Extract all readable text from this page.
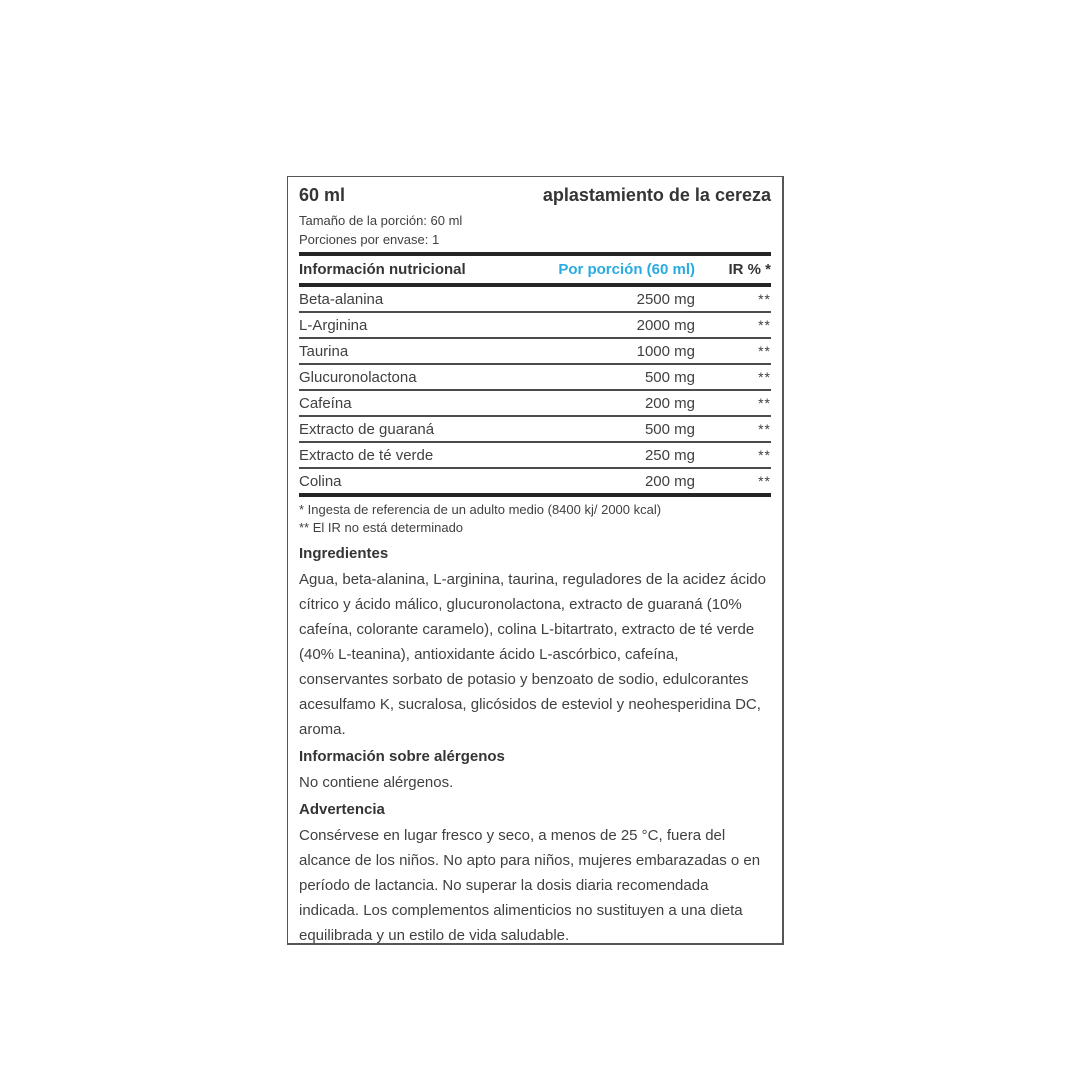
60 ml	aplastamiento de la cereza
Tamaño de la porción: 60 ml
Porciones por envase: 1
Información nutricional	Por porción (60 ml)	IR % *
Beta-alanina	2500 mg	**
L-Arginina	2000 mg	**
Taurina	1000 mg	**
Glucuronolactona	500 mg	**
Cafeína	200 mg	**
Extracto de guaraná	500 mg	**
Extracto de té verde	250 mg	**
Colina	200 mg	**
* Ingesta de referencia de un adulto medio (8400 kj/ 2000 kcal)
** El IR no está determinado
Ingredientes
Agua, beta-alanina, L-arginina, taurina, reguladores de la acidez ácido cítrico y ácido málico, glucuronolactona, extracto de guaraná (10% cafeína, colorante caramelo), colina L-bitartrato, extracto de té verde (40% L-teanina), antioxidante ácido L-ascórbico, cafeína, conservantes sorbato de potasio y benzoato de sodio, edulcorantes acesulfamo K, sucralosa, glicósidos de esteviol y neohesperidina DC, aroma.
Información sobre alérgenos
No contiene alérgenos.
Advertencia
Consérvese en lugar fresco y seco, a menos de 25 °C, fuera del alcance de los niños. No apto para niños, mujeres embarazadas o en período de lactancia. No superar la dosis diaria recomendada indicada. Los complementos alimenticios no sustituyen a una dieta equilibrada y un estilo de vida saludable.
